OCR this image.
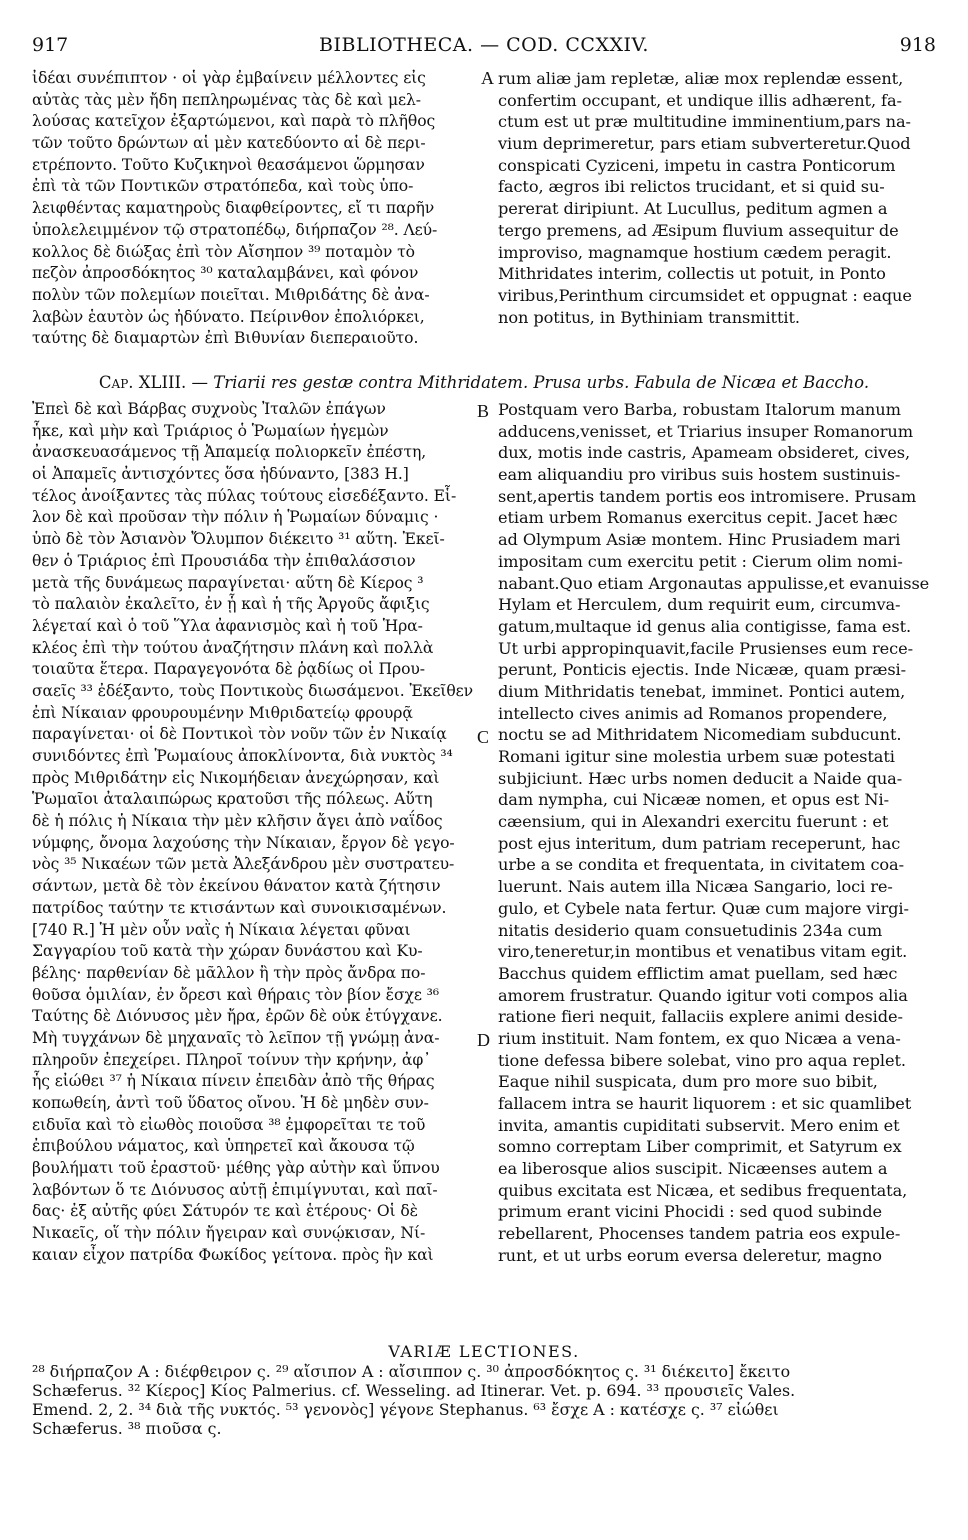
917	BIBLIOTHECA. — COD. CCXXIV.	918
ἰδέαι συνέπιπτον · οἱ γὰρ ἐμβαίνειν μέλλοντες εἰς
αὐτὰς τὰς μὲν ἤδη πεπληρωμένας τὰς δὲ καὶ μελ-
λούσας κατεῖχον ἐξαρτώμενοι, καὶ παρὰ τὸ πλῆθος
τῶν τοῦτο δρώντων αἱ μὲν κατεδύοντο αἱ δὲ περι-
ετρέποντο. Τοῦτο Κυζικηνοὶ θεασάμενοι ὥρμησαν
ἐπὶ τὰ τῶν Ποντικῶν στρατόπεδα, καὶ τοὺς ὑπο-
λειφθέντας καματηροὺς διαφθείροντες, εἴ τι παρῆν
ὑπολελειμμένον τῷ στρατοπέδῳ, διήρπαζον ²⁸. Λεύ-
κολλος δὲ διώξας ἐπὶ τὸν Αἴσηπον ³⁹ ποταμὸν τὸ
πεζὸν ἀπροσδόκητος ³⁰ καταλαμβάνει, καὶ φόνον
πολὺν τῶν πολεμίων ποιεῖται. Μιθριδάτης δὲ ἀνα-
λαβὼν ἑαυτὸν ὡς ἠδύνατο. Πείρινθον ἐπολιόρκει,
ταύτης δὲ διαμαρτὼν ἐπὶ Βιθυνίαν διεπεραιοῦτο.
rum aliæ jam repletæ, aliæ mox replendæ essent,
confertim occupant, et undique illis adhærent, fa-
ctum est ut præ multitudine imminentium,pars na-
vium deprimeretur, pars etiam subverteretur.Quod
conspicati Cyziceni, impetu in castra Ponticorum
facto, ægros ibi relictos trucidant, et si quid su-
pererat diripiunt. At Lucullus, peditum agmen a
tergo premens, ad Æsipum fluvium assequitur de
improviso, magnamque hostium cædem peragit.
Mithridates interim, collectis ut potuit, in Ponto
viribus,Perinthum circumsidet et oppugnat : eaque
non potitus, in Bythiniam transmittit.
A
Cap. XLIII. — Triarii res gestæ contra Mithridatem. Prusa urbs. Fabula de Nicæa et Baccho.
Ἐπεὶ δὲ καὶ Βάρβας συχνοὺς Ἰταλῶν ἐπάγων
ἧκε, καὶ μὴν καὶ Τριάριος ὁ Ῥωμαίων ἡγεμὼν
ἀνασκευασάμενος τῇ Ἀπαμείᾳ πολιορκεῖν ἐπέστη,
οἱ Ἀπαμεῖς ἀντισχόντες ὅσα ἠδύναντο, [383 H.]
τέλος ἀνοίξαντες τὰς πύλας τούτους εἰσεδέξαντο. Εἷ-
λον δὲ καὶ προῦσαν τὴν πόλιν ἡ Ῥωμαίων δύναμις ·
ὑπὸ δὲ τὸν Ἀσιανὸν Ὄλυμπον διέκειτο ³¹ αὕτη. Ἐκεῖ-
θεν ὁ Τριάριος ἐπὶ Προυσιάδα τὴν ἐπιθαλάσσιον
μετὰ τῆς δυνάμεως παραγίνεται· αὕτη δὲ Κίερος ³
τὸ παλαιὸν ἐκαλεῖτο, ἐν ᾗ καὶ ἡ τῆς Ἀργοῦς ἄφιξις
λέγεταί καὶ ὁ τοῦ Ὕλα ἀφανισμὸς καὶ ἡ τοῦ Ἡρα-
κλέος ἐπὶ τὴν τούτου ἀναζήτησιν πλάνη καὶ πολλὰ
τοιαῦτα ἕτερα. Παραγεγονότα δὲ ῥᾳδίως οἱ Πρου-
σαεῖς ³³ ἐδέξαντο, τοὺς Ποντικοὺς διωσάμενοι. Ἐκεῖθεν
ἐπὶ Νίκαιαν φρουρουμένην Μιθριδατείῳ φρουρᾷ
παραγίνεται· οἱ δὲ Ποντικοὶ τὸν νοῦν τῶν ἐν Νικαίᾳ
συνιδόντες ἐπὶ Ῥωμαίους ἀποκλίνοντα, διὰ νυκτὸς ³⁴
πρὸς Μιθριδάτην εἰς Νικομήδειαν ἀνεχώρησαν, καὶ
Ῥωμαῖοι ἀταλαιπώρως κρατοῦσι τῆς πόλεως. Αὕτη
δὲ ἡ πόλις ἡ Νίκαια τὴν μὲν κλῆσιν ἄγει ἀπὸ ναΐδος
νύμφης, ὄνομα λαχούσης τὴν Νίκαιαν, ἔργον δὲ γεγο-
νὸς ³⁵ Νικαέων τῶν μετὰ Ἀλεξάνδρου μὲν συστρατευ-
σάντων, μετὰ δὲ τὸν ἐκείνου θάνατον κατὰ ζήτησιν
πατρίδος ταύτην τε κτισάντων καὶ συνοικισαμένων.
[740 R.] Ἡ μὲν οὖν ναῒς ἡ Νίκαια λέγεται φῦναι
Σαγγαρίου τοῦ κατὰ τὴν χώραν δυνάστου καὶ Κυ-
βέλης· παρθενίαν δὲ μᾶλλον ἢ τὴν πρὸς ἄνδρα πο-
θοῦσα ὁμιλίαν, ἐν ὄρεσι καὶ θήραις τὸν βίον ἔσχε ³⁶
Ταύτης δὲ Διόνυσος μὲν ἤρα, ἐρῶν δὲ οὐκ ἐτύγχανε.
Μὴ τυγχάνων δὲ μηχαναῖς τὸ λεῖπον τῇ γνώμῃ ἀνα-
πληροῦν ἐπεχείρει. Πληροῖ τοίνυν τὴν κρήνην, ἀφ᾽
ἧς εἰώθει ³⁷ ἡ Νίκαια πίνειν ἐπειδὰν ἀπὸ τῆς θήρας
κοπωθείη, ἀντὶ τοῦ ὕδατος οἴνου. Ἡ δὲ μηδὲν συν-
ειδυῖα καὶ τὸ εἰωθὸς ποιοῦσα ³⁸ ἐμφορεῖται τε τοῦ
ἐπιβούλου νάματος, καὶ ὑπηρετεῖ καὶ ἄκουσα τῷ
βουλήματι τοῦ ἐραστοῦ· μέθης γὰρ αὐτὴν καὶ ὕπνου
λαβόντων ὅ τε Διόνυσος αὐτῇ ἐπιμίγνυται, καὶ παῖ-
δας· ἐξ αὐτῆς φύει Σάτυρόν τε καὶ ἑτέρους· Οἱ δὲ
Νικαεῖς, οἵ τὴν πόλιν ἤγειραν καὶ συνῴκισαν, Νί-
καιαν εἶχον πατρίδα Φωκίδος γείτονα. πρὸς ἣν καὶ
Postquam vero Barba, robustam Italorum manum
adducens,venisset, et Triarius insuper Romanorum
dux, motis inde castris, Apameam obsideret, cives,
eam aliquandiu pro viribus suis hostem sustinuis-
sent,apertis tandem portis eos intromisere. Prusam
etiam urbem Romanus exercitus cepit. Jacet hæc
ad Olympum Asiæ montem. Hinc Prusiadem mari
impositam cum exercitu petit : Cierum olim nomi-
nabant.Quo etiam Argonautas appulisse,et evanuisse
Hylam et Herculem, dum requirit eum, circumva-
gatum,multaque id genus alia contigisse, fama est.
Ut urbi appropinquavit,facile Prusienses eum rece-
perunt, Ponticis ejectis. Inde Nicææ, quam præsi-
dium Mithridatis tenebat, imminet. Pontici autem,
intellecto cives animis ad Romanos propendere,
noctu se ad Mithridatem Nicomediam subducunt.
Romani igitur sine molestia urbem suæ potestati
subjiciunt. Hæc urbs nomen deducit a Naide qua-
dam nympha, cui Nicææ nomen, et opus est Ni-
cæensium, qui in Alexandri exercitu fuerunt : et
post ejus interitum, dum patriam receperunt, hac
urbe a se condita et frequentata, in civitatem coa-
luerunt. Nais autem illa Nicæa Sangario, loci re-
gulo, et Cybele nata fertur. Quæ cum majore virgi-
nitatis desiderio quam consuetudinis 234a cum
viro,teneretur,in montibus et venatibus vitam egit.
Bacchus quidem efflictim amat puellam, sed hæc
amorem frustratur. Quando igitur voti compos alia
ratione fieri nequit, fallaciis explere animi deside-
rium instituit. Nam fontem, ex quo Nicæa a vena-
tione defessa bibere solebat, vino pro aqua replet.
Eaque nihil suspicata, dum pro more suo bibit,
fallacem intra se haurit liquorem : et sic quamlibet
invita, amantis cupiditati subservit. Mero enim et
somno correptam Liber comprimit, et Satyrum ex
ea liberosque alios suscipit. Nicæenses autem a
quibus excitata est Nicæa, et sedibus frequentata,
primum erant vicini Phocidi : sed quod subinde
rebellarent, Phocenses tandem patria eos expule-
runt, et ut urbs eorum eversa deleretur, magno
B
C
D
VARIÆ LECTIONES.
²⁸ διήρπαζον A : διέφθειρον ς. ²⁹ αἴσιπον A : αἴσιππον ς. ³⁰ ἀπροσδόκητος ς. ³¹ διέκειτο] ἔκειτο
Schæferus. ³² Κίερος] Κίος Palmerius. cf. Wesseling. ad Itinerar. Vet. p. 694. ³³ προυσιεῖς Vales.
Emend. 2, 2. ³⁴ διὰ τῆς νυκτός. ⁵³ γενονὸς] γέγονε Stephanus. ⁶³ ἔσχε A : κατέσχε ς. ³⁷ εἰώθει
Schæferus. ³⁸ πιοῦσα ς.
